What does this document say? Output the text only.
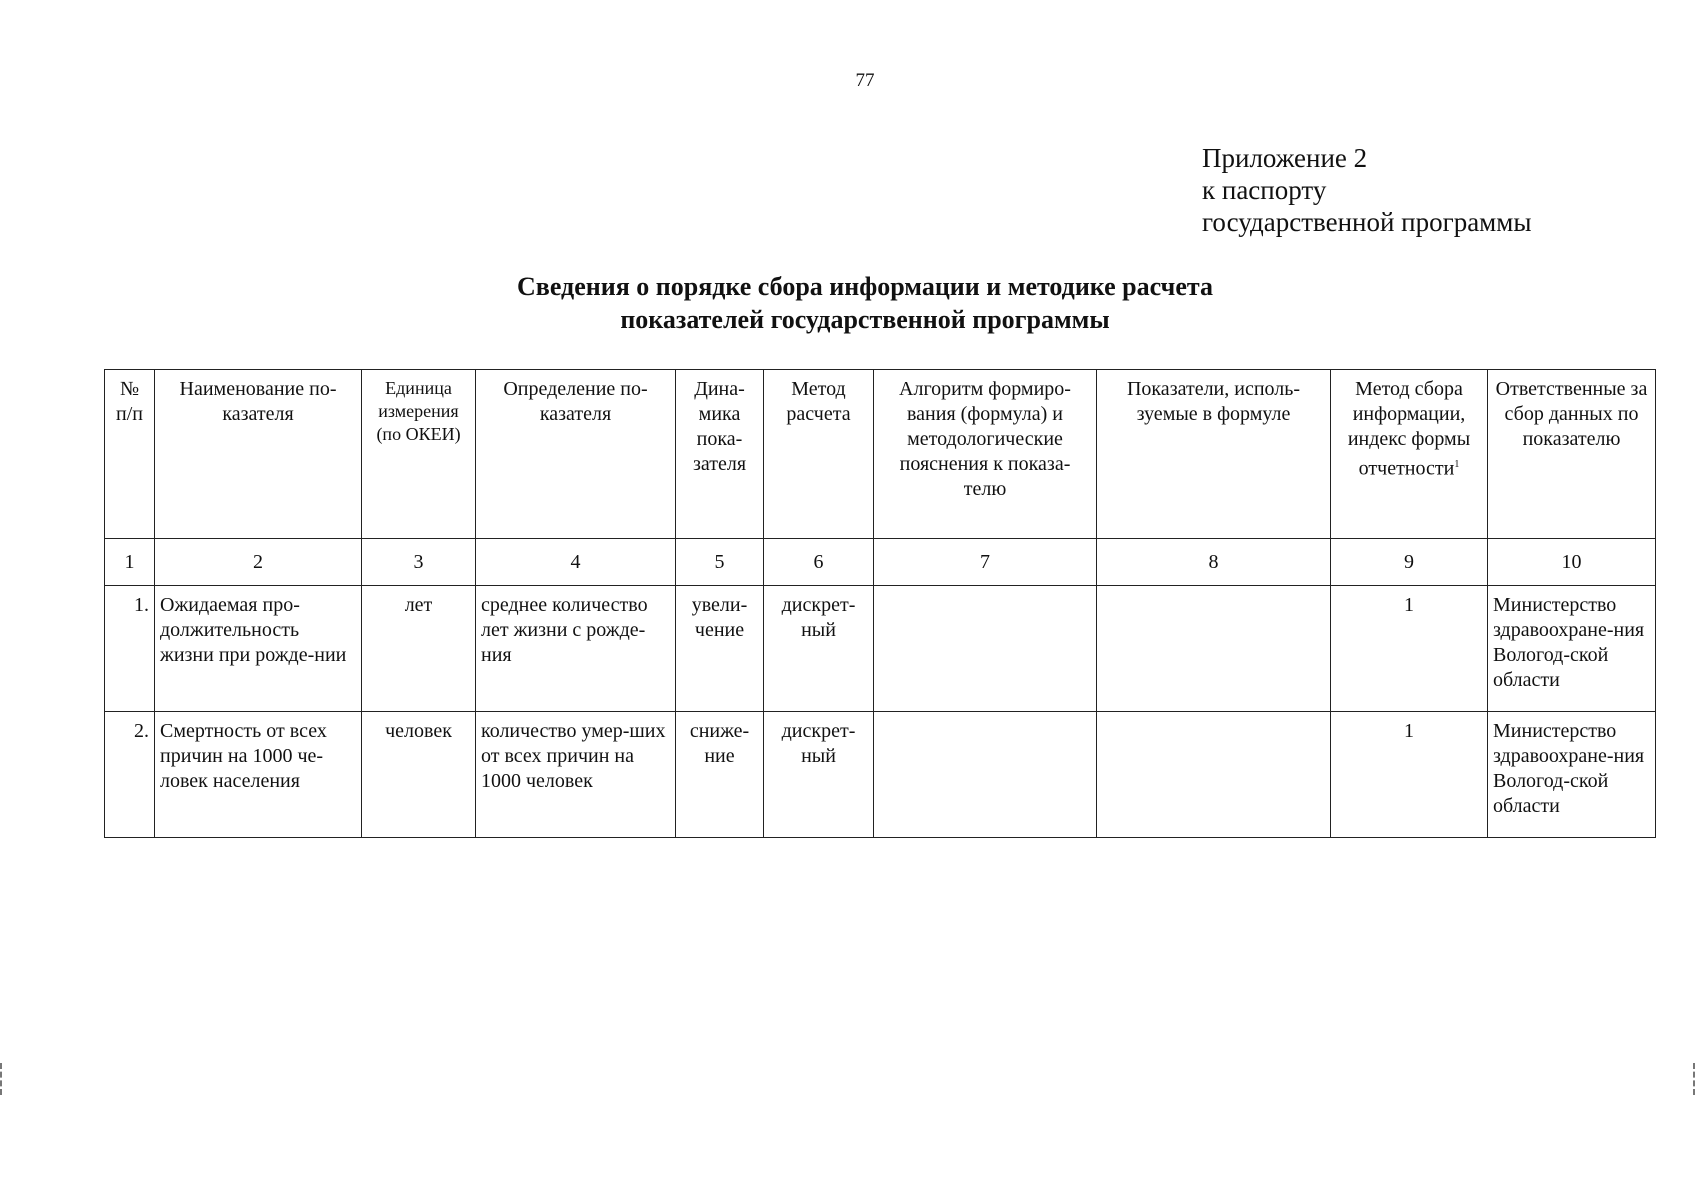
77
Приложение 2
к паспорту
государственной программы
Сведения о порядке сбора информации и методике расчета
показателей государственной программы
№ п/п	Наименование по-казателя	Единица измерения (по ОКЕИ)	Определение по-казателя	Дина-мика пока-зателя	Метод расчета	Алгоритм формиро-вания (формула) и методологические пояснения к показа-телю	Показатели, исполь-зуемые в формуле	Метод сбора информации, индекс формы отчетности$^1$	Ответственные за сбор данных по показателю
1	2	3	4	5	6	7	8	9	10
1.	Ожидаемая про-должительность жизни при рожде-нии	лет	среднее количество лет жизни с рожде-ния	увели-чение	дискрет-ный			1	Министерство здравоохране-ния Вологод-ской области
2.	Смертность от всех причин на 1000 че-ловек населения	человек	количество умер-ших от всех причин на 1000 человек	сниже-ние	дискрет-ный			1	Министерство здравоохране-ния Вологод-ской области
